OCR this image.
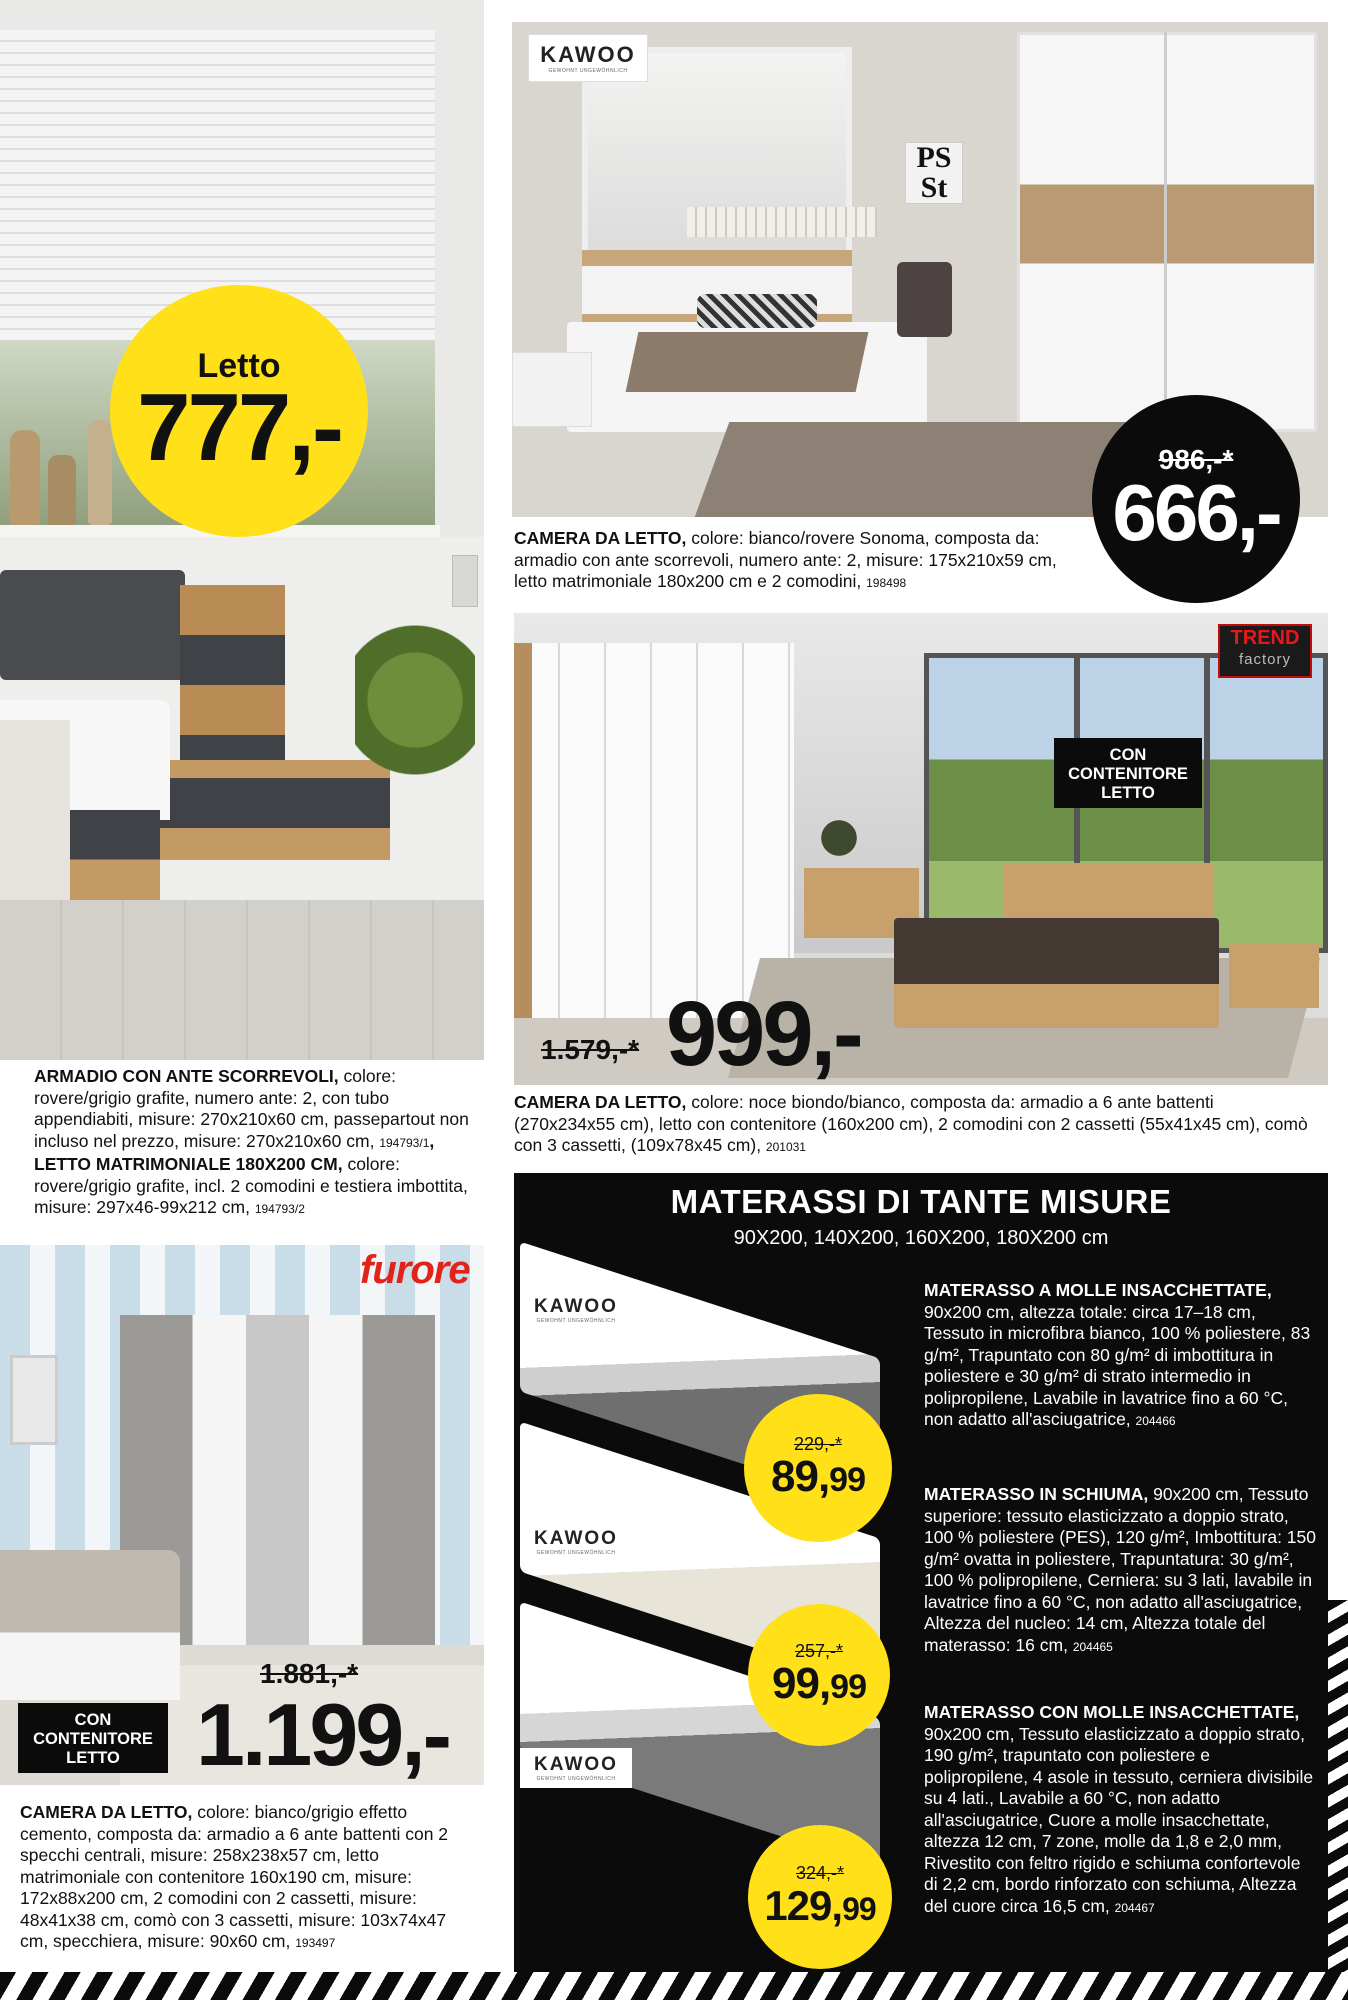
Letto
777,-
ARMADIO CON ANTE SCORREVOLI, colore: rovere/grigio grafite, numero ante: 2, con tubo appendiabiti, misure: 270x210x60 cm, passepartout non incluso nel prezzo, misure: 270x210x60 cm, 194793/1, LETTO MATRIMONIALE 180X200 CM, colore: rovere/grigio grafite, incl. 2 comodini e testiera imbottita, misure: 297x46-99x212 cm, 194793/2
PS St
KAWOO
GEWOHNT UNGEWÖHNLICH
986,-*
666,-
CAMERA DA LETTO, colore: bianco/rovere Sonoma, composta da: armadio con ante scorrevoli, numero ante: 2, misure: 175x210x59 cm, letto matrimoniale 180x200 cm e 2 comodini, 198498
TREND
factory
CON
CONTENITORE
LETTO
1.579,-* 999,-
CAMERA DA LETTO, colore: noce biondo/bianco, composta da: armadio a 6 ante battenti (270x234x55 cm), letto con contenitore (160x200 cm), 2 comodini con 2 cassetti (55x41x45 cm), comò con 3 cassetti, (109x78x45 cm), 201031
furore
CON
CONTENITORE
LETTO
1.881,-*
1.199,-
CAMERA DA LETTO, colore: bianco/grigio effetto cemento, composta da: armadio a 6 ante battenti con 2 specchi centrali, misure: 258x238x57 cm, letto matrimoniale con contenitore 160x190 cm, misure: 172x88x200 cm, 2 comodini con 2 cassetti, misure: 48x41x38 cm, comò con 3 cassetti, misure: 103x74x47 cm, specchiera, misure: 90x60 cm, 193497
MATERASSI DI TANTE MISURE
90X200, 140X200, 160X200, 180X200 cm
KAWOO
GEWOHNT UNGEWÖHNLICH
KAWOO
GEWOHNT UNGEWÖHNLICH
KAWOO
GEWOHNT UNGEWÖHNLICH
229,-*
89,99
257,-*
99,99
324,-*
129,99
MATERASSO A MOLLE INSACCHETTATE, 90x200 cm, altezza totale: circa 17–18 cm, Tessuto in microfibra bianco, 100 % poliestere, 83 g/m², Trapuntato con 80 g/m² di imbottitura in poliestere e 30 g/m² di strato intermedio in polipropilene, Lavabile in lavatrice fino a 60 °C, non adatto all'asciugatrice, 204466
MATERASSO IN SCHIUMA, 90x200 cm, Tessuto superiore: tessuto elasticizzato a doppio strato, 100 % poliestere (PES), 120 g/m², Imbottitura: 150 g/m² ovatta in poliestere, Trapuntatura: 30 g/m², 100 % polipropilene, Cerniera: su 3 lati, lavabile in lavatrice fino a 60 °C, non adatto all'asciugatrice, Altezza del nucleo: 14 cm, Altezza totale del materasso: 16 cm, 204465
MATERASSO CON MOLLE INSACCHETTATE, 90x200 cm, Tessuto elasticizzato a doppio strato, 190 g/m², trapuntato con poliestere e polipropilene, 4 asole in tessuto, cerniera divisibile su 4 lati., Lavabile a 60 °C, non adatto all'asciugatrice, Cuore a molle insacchettate, altezza 12 cm, 7 zone, molle da 1,8 e 2,0 mm, Rivestito con feltro rigido e schiuma confortevole di 2,2 cm, bordo rinforzato con schiuma, Altezza del cuore circa 16,5 cm, 204467
